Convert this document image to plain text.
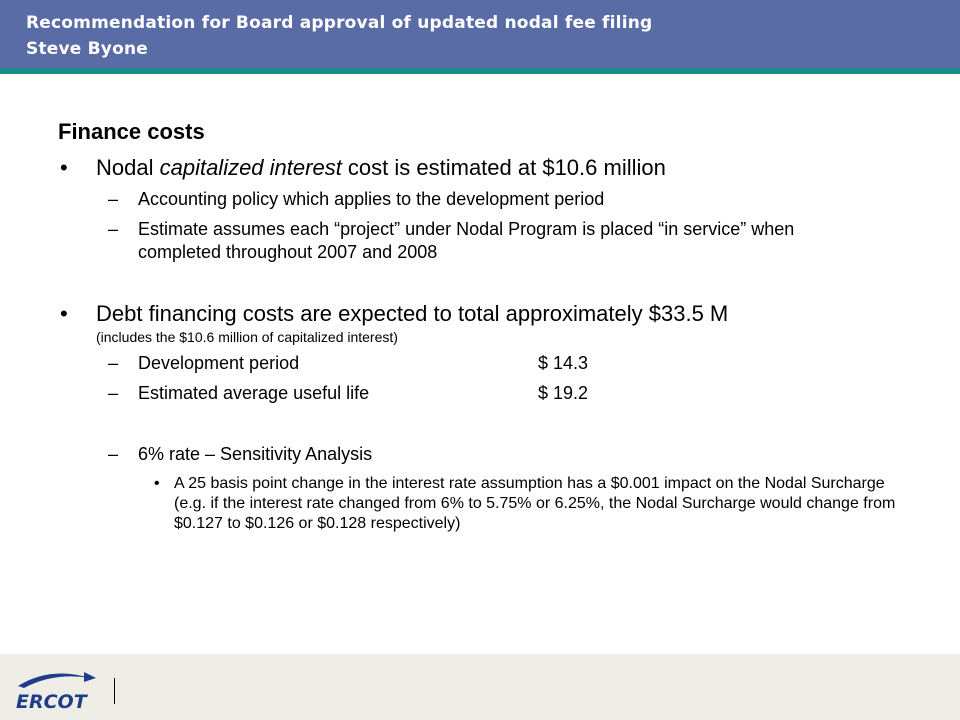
Recommendation for Board approval of updated nodal fee filing
Steve Byone
Finance costs
• Nodal capitalized interest cost is estimated at $10.6 million
– Accounting policy which applies to the development period
– Estimate assumes each “project” under Nodal Program is placed “in service” when completed throughout 2007 and 2008
• Debt financing costs are expected to total approximately $33.5 M
(includes the $10.6 million of capitalized interest)
– Development period	$ 14.3
– Estimated average useful life	$ 19.2
– 6% rate – Sensitivity Analysis
• A 25 basis point change in the interest rate assumption has a $0.001 impact on the Nodal Surcharge (e.g. if the interest rate changed from 6% to 5.75% or 6.25%, the Nodal Surcharge would change from $0.127 to $0.126 or $0.128 respectively)
ERCOT
